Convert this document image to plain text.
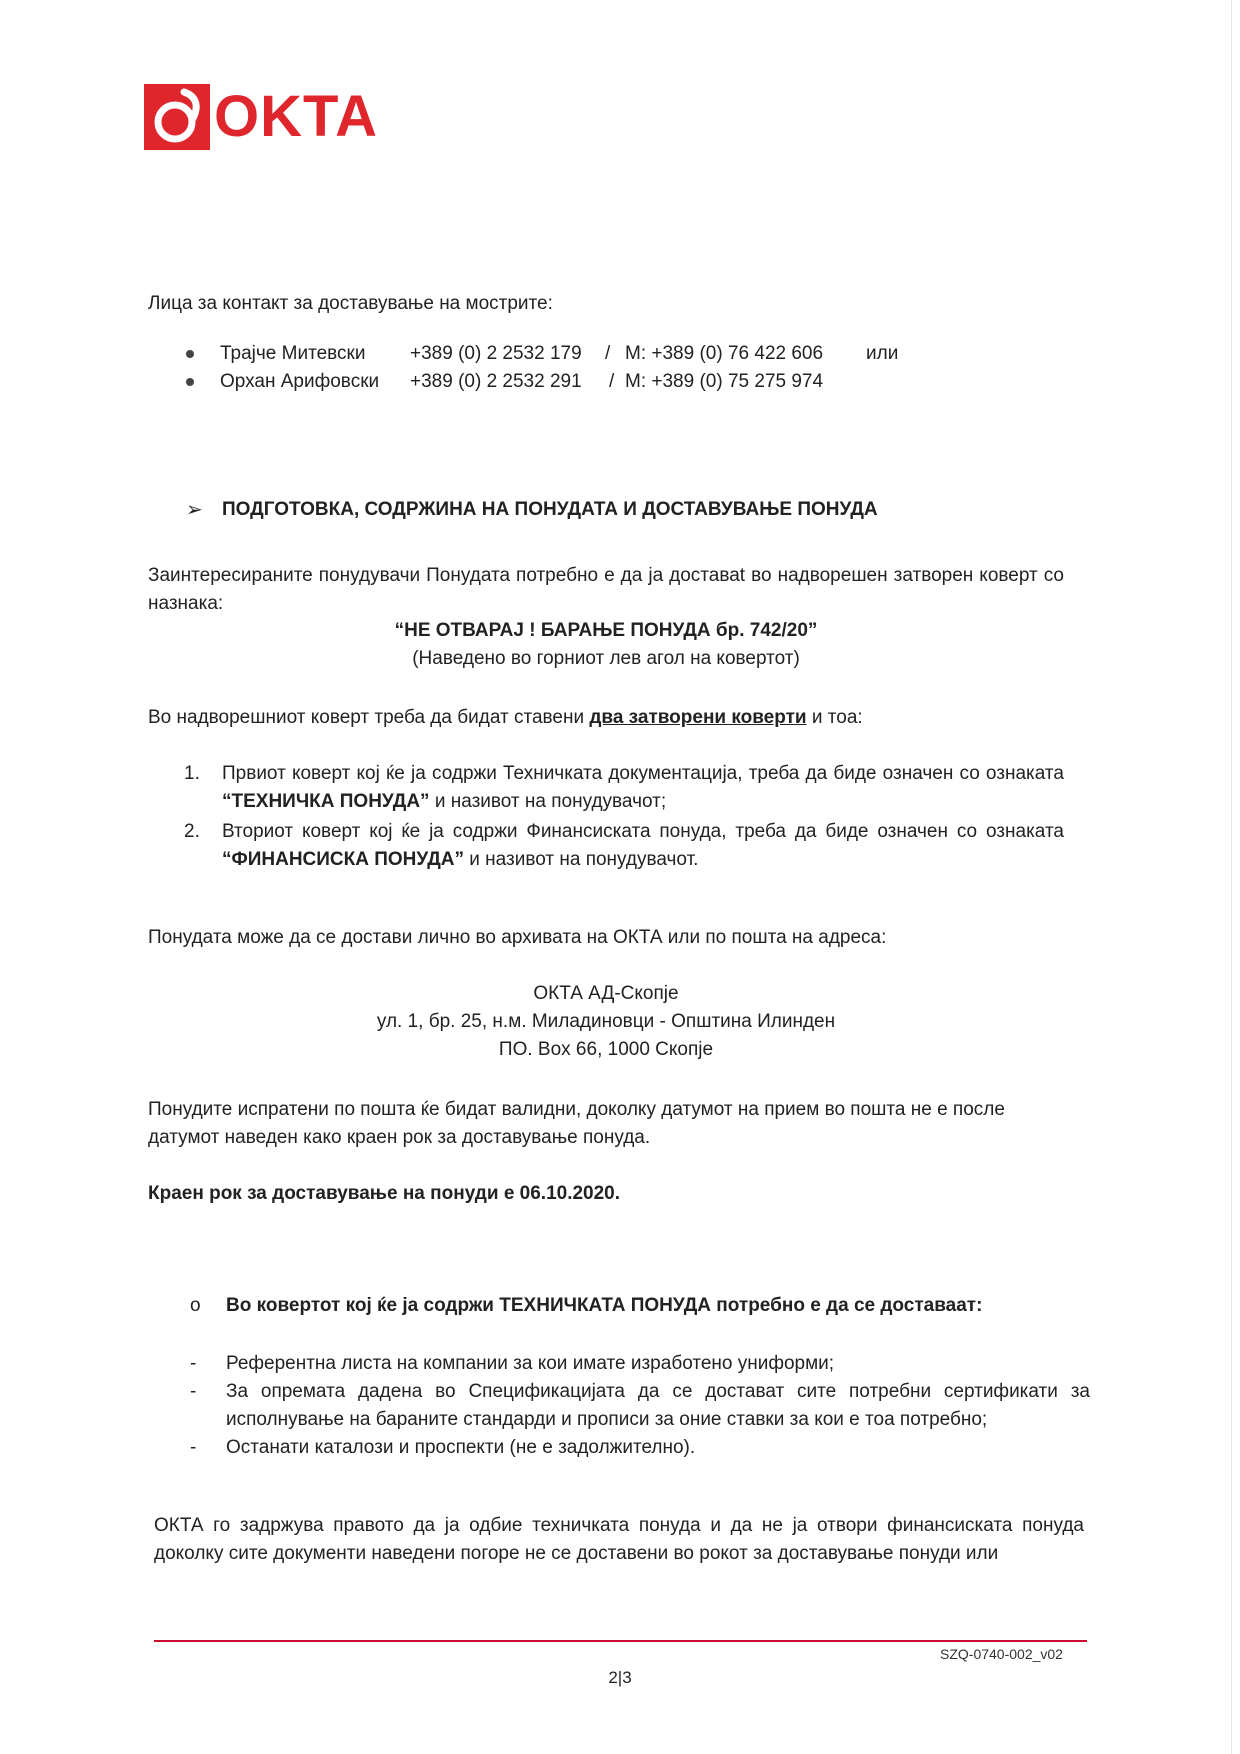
OKTA
Лица за контакт за доставување на мострите:
Трајче Митевски +389 (0) 2 2532 179 / M: +389 (0) 76 422 606 или
Орхан Арифовски +389 (0) 2 2532 291 / M: +389 (0) 75 275 974
➢ ПОДГОТОВКА, СОДРЖИНА НА ПОНУДАТА И ДОСТАВУВАЊЕ ПОНУДА
Заинтересираните понудувачи Понудата потребно е да ја доставаt во надворешен затворен коверт со назнака:
“НЕ ОТВАРАЈ ! БАРАЊЕ ПОНУДА бр. 742/20”
(Наведено во горниот лев агол на ковертот)
Во надворешниот коверт треба да бидат ставени два затворени коверти и тоа:
1. Првиот коверт кој ќе ја содржи Техничката документација, треба да биде означен со ознаката “ТЕХНИЧКА ПОНУДА” и називот на понудувачот;
2. Вториот коверт кој ќе ја содржи Финансиската понуда, треба да биде означен со ознаката “ФИНАНСИСКА ПОНУДА” и називот на понудувачот.
Понудата може да се достави лично во архивата на ОКТА или по пошта на адреса:
ОКТА АД-Скопје
ул. 1, бр. 25, н.м. Миладиновци - Општина Илинден
ПО. Box 66, 1000 Скопје
Понудите испратени по пошта ќе бидат валидни, доколку датумот на прием во пошта не е после датумот наведен како краен рок за доставување понуда.
Краен рок за доставување на понуди е 06.10.2020.
o Во ковертот кој ќе ја содржи ТЕХНИЧКАТА ПОНУДА потребно е да се доставаат:
- Референтна листа на компании за кои имате изработено униформи;
- За опремата дадена во Спецификацијата да се достават сите потребни сертификати за исполнување на бараните стандарди и прописи за оние ставки за кои е тоа потребно;
- Останати каталози и проспекти (не е задолжително).
ОКТА го задржува правото да ја одбие техничката понуда и да не ја отвори финансиската понуда доколку сите документи наведени погоре не се доставени во рокот за доставување понуди или
SZQ-0740-002_v02
2|3
